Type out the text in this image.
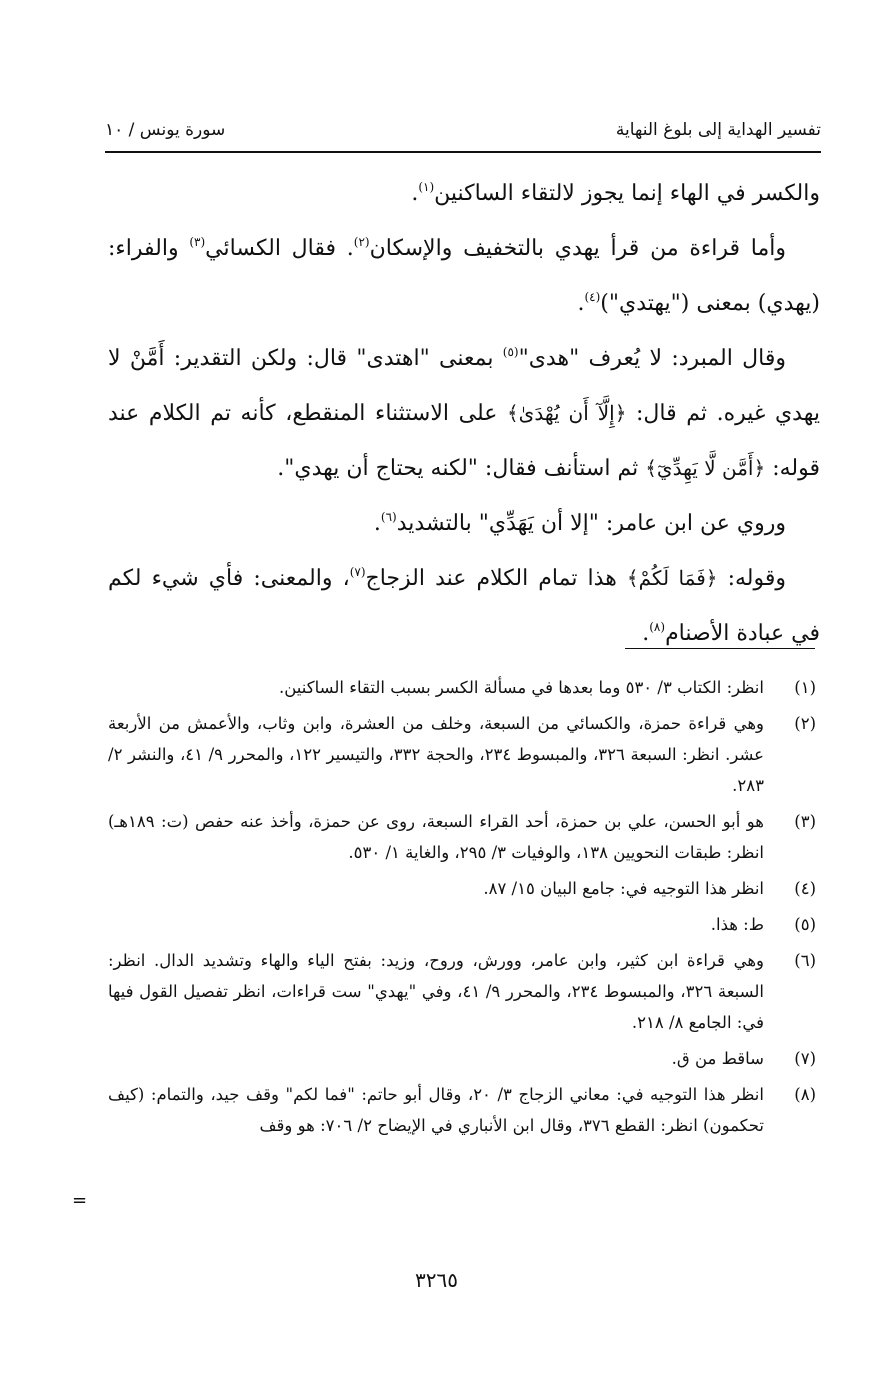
تفسير الهداية إلى بلوغ النهاية
سورة يونس / ١٠

والكسر في الهاء إنما يجوز لالتقاء الساكنين$^{(١)}$.

وأما قراءة من قرأ يهدي بالتخفيف والإسكان$^{(٢)}$. فقال الكسائي$^{(٣)}$ والفراء: (يهدي) بمعنى ("يهتدي")$^{(٤)}$.

وقال المبرد: لا يُعرف "هدى"$^{(٥)}$ بمعنى "اهتدى" قال: ولكن التقدير: أَمَّنْ لا يهدي غيره. ثم قال: ﴿إِلَّآ أَن يُهْدَىٰ﴾ على الاستثناء المنقطع، كأنه تم الكلام عند قوله: ﴿أَمَّن لَّا يَهِدِّيٓ﴾ ثم استأنف فقال: "لكنه يحتاج أن يهدي".

وروي عن ابن عامر: "إلا أن يَهَدِّي" بالتشديد$^{(٦)}$.

وقوله: ﴿فَمَا لَكُمْ﴾ هذا تمام الكلام عند الزجاج$^{(٧)}$، والمعنى: فأي شيء لكم في عبادة الأصنام$^{(٨)}$.

(١)
انظر: الكتاب ٣/ ٥٣٠ وما بعدها في مسألة الكسر بسبب التقاء الساكنين.
(٢)
وهي قراءة حمزة، والكسائي من السبعة، وخلف من العشرة، وابن وثاب، والأعمش من الأربعة عشر. انظر: السبعة ٣٢٦، والمبسوط ٢٣٤، والحجة ٣٣٢، والتيسير ١٢٢، والمحرر ٩/ ٤١، والنشر ٢/ ٢٨٣.
(٣)
هو أبو الحسن، علي بن حمزة، أحد القراء السبعة، روى عن حمزة، وأخذ عنه حفص (ت: ١٨٩هـ) انظر: طبقات النحويين ١٣٨، والوفيات ٣/ ٢٩٥، والغاية ١/ ٥٣٠.
(٤)
انظر هذا التوجيه في: جامع البيان ١٥/ ٨٧.
(٥)
ط: هذا.
(٦)
وهي قراءة ابن كثير، وابن عامر، وورش، وروح، وزيد: بفتح الياء والهاء وتشديد الدال. انظر: السبعة ٣٢٦، والمبسوط ٢٣٤، والمحرر ٩/ ٤١، وفي "يهدي" ست قراءات، انظر تفصيل القول فيها في: الجامع ٨/ ٢١٨.
(٧)
ساقط من ق.
(٨)
انظر هذا التوجيه في: معاني الزجاج ٣/ ٢٠، وقال أبو حاتم: "فما لكم" وقف جيد، والتمام: (كيف تحكمون) انظر: القطع ٣٧٦، وقال ابن الأنباري في الإيضاح ٢/ ٧٠٦: هو وقف
=
٣٢٦٥
